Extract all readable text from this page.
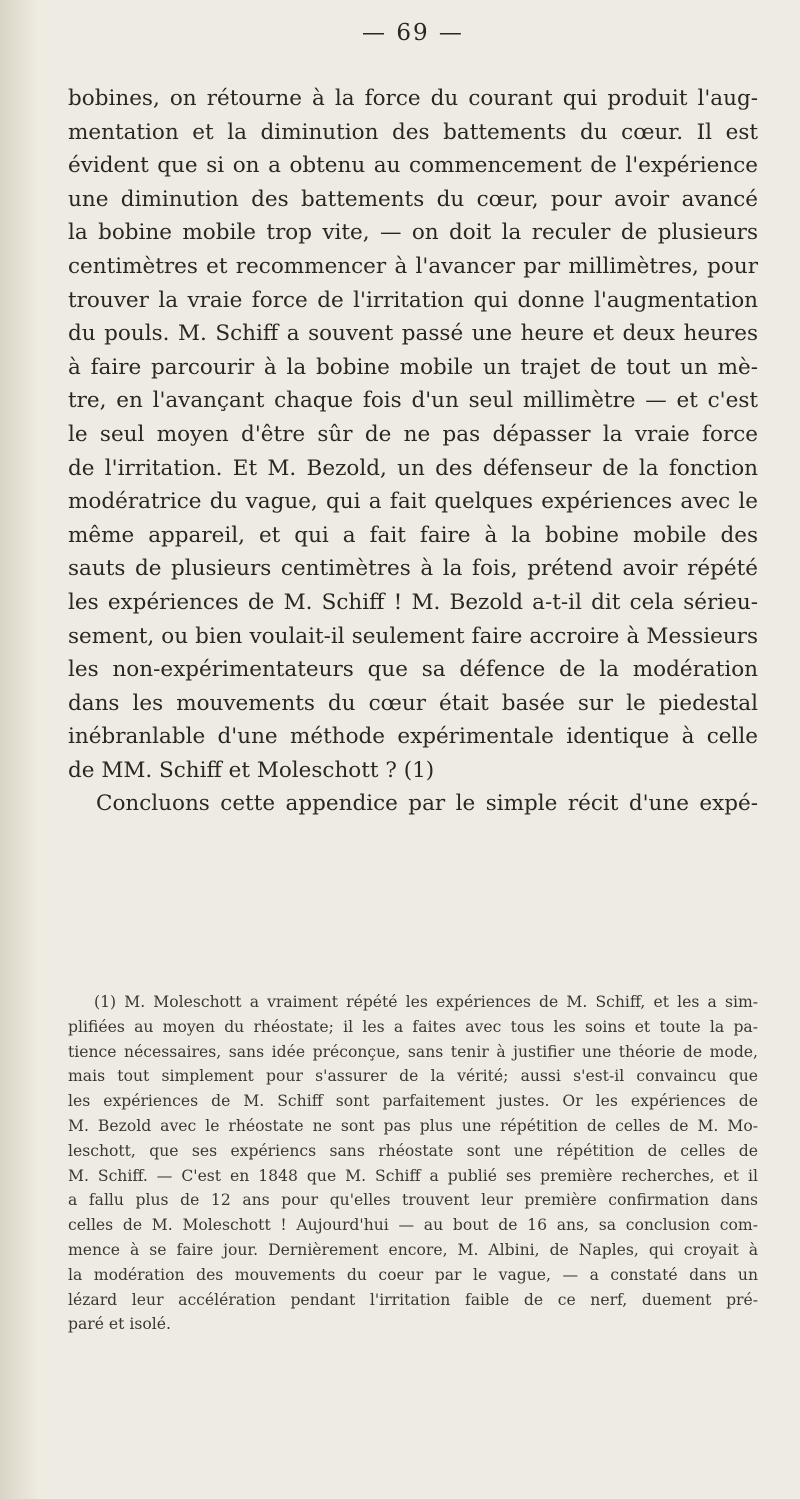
— 69 —
bobines, on rétourne à la force du courant qui produit l'aug-
mentation et la diminution des battements du cœur. Il est
évident que si on a obtenu au commencement de l'expérience
une diminution des battements du cœur, pour avoir avancé
la bobine mobile trop vite, — on doit la reculer de plusieurs
centimètres et recommencer à l'avancer par millimètres, pour
trouver la vraie force de l'irritation qui donne l'augmentation
du pouls. M. Schiff a souvent passé une heure et deux heures
à faire parcourir à la bobine mobile un trajet de tout un mè-
tre, en l'avançant chaque fois d'un seul millimètre — et c'est
le seul moyen d'être sûr de ne pas dépasser la vraie force
de l'irritation. Et M. Bezold, un des défenseur de la fonction
modératrice du vague, qui a fait quelques expériences avec le
même appareil, et qui a fait faire à la bobine mobile des
sauts de plusieurs centimètres à la fois, prétend avoir répété
les expériences de M. Schiff ! M. Bezold a-t-il dit cela sérieu-
sement, ou bien voulait-il seulement faire accroire à Messieurs
les non-expérimentateurs que sa défence de la modération
dans les mouvements du cœur était basée sur le piedestal
inébranlable d'une méthode expérimentale identique à celle
de MM. Schiff et Moleschott ? (1)
Concluons cette appendice par le simple récit d'une expé-
(1) M. Moleschott a vraiment répété les expériences de M. Schiff, et les a sim-
plifiées au moyen du rhéostate; il les a faites avec tous les soins et toute la pa-
tience nécessaires, sans idée préconçue, sans tenir à justifier une théorie de mode,
mais tout simplement pour s'assurer de la vérité; aussi s'est-il convaincu que
les expériences de M. Schiff sont parfaitement justes. Or les expériences de
M. Bezold avec le rhéostate ne sont pas plus une répétition de celles de M. Mo-
leschott, que ses expériencs sans rhéostate sont une répétition de celles de
M. Schiff. — C'est en 1848 que M. Schiff a publié ses première recherches, et il
a fallu plus de 12 ans pour qu'elles trouvent leur première confirmation dans
celles de M. Moleschott ! Aujourd'hui — au bout de 16 ans, sa conclusion com-
mence à se faire jour. Dernièrement encore, M. Albini, de Naples, qui croyait à
la modération des mouvements du coeur par le vague, — a constaté dans un
lézard leur accélération pendant l'irritation faible de ce nerf, duement pré-
paré et isolé.
